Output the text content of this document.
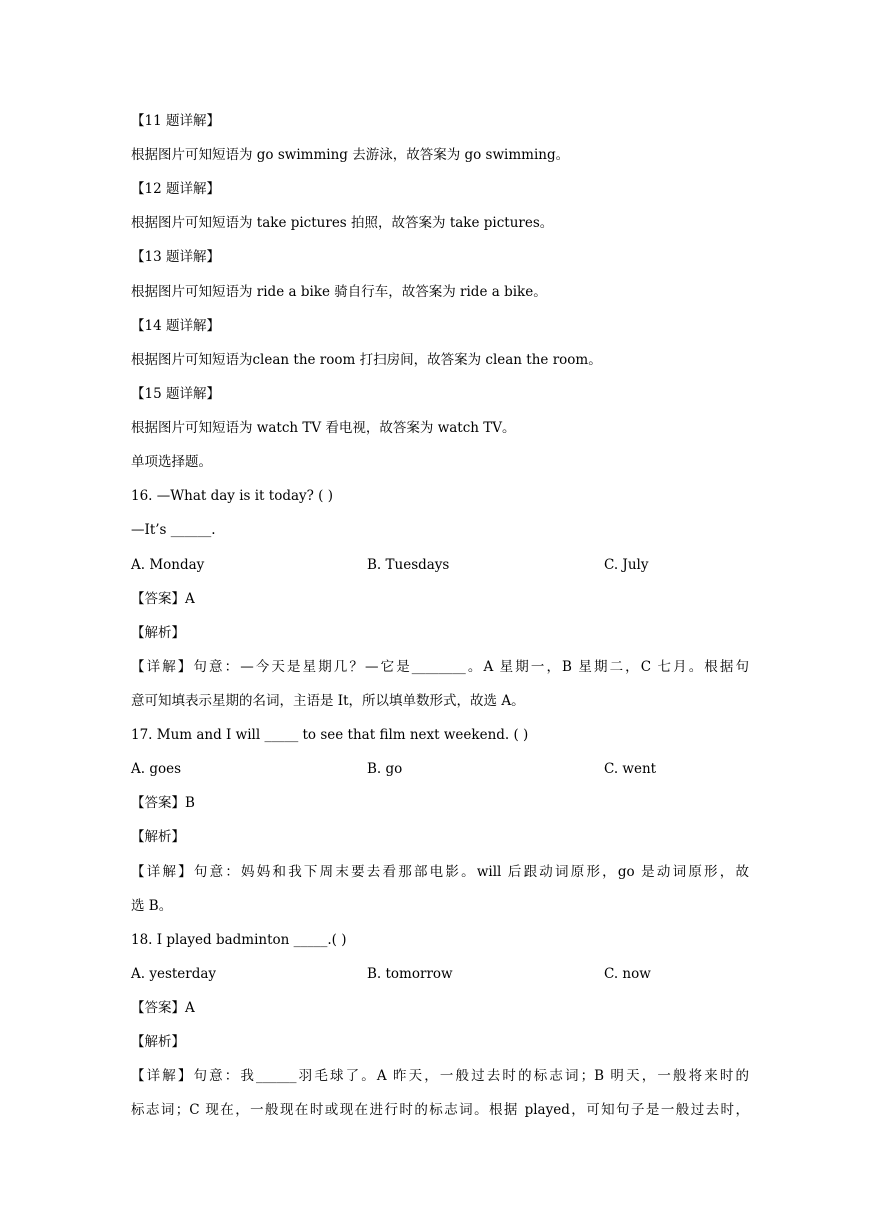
【11 题详解】
根据图片可知短语为 go swimming 去游泳，故答案为 go swimming。
【12 题详解】
根据图片可知短语为 take pictures 拍照，故答案为 take pictures。
【13 题详解】
根据图片可知短语为 ride a bike 骑自行车，故答案为 ride a bike。
【14 题详解】
根据图片可知短语为clean the room 打扫房间，故答案为 clean the room。
【15 题详解】
根据图片可知短语为 watch TV 看电视，故答案为 watch TV。
单项选择题。
16. —What day is it today? ( )
—It’s ______.
A. Monday	B. Tuesdays	C. July
【答案】A
【解析】
【详解】句意：—今天是星期几？—它是________。A 星期一，B 星期二，C 七月。根据句
意可知填表示星期的名词，主语是 It，所以填单数形式，故选 A。
17. Mum and I will _____ to see that film next weekend. ( )
A. goes	B. go	C. went
【答案】B
【解析】
【详解】句意：妈妈和我下周末要去看那部电影。will 后跟动词原形，go 是动词原形，故
选 B。
18. I played badminton _____.( )
A. yesterday	B. tomorrow	C. now
【答案】A
【解析】
【详解】句意：我______羽毛球了。A 昨天，一般过去时的标志词；B 明天，一般将来时的
标志词；C 现在，一般现在时或现在进行时的标志词。根据 played，可知句子是一般过去时，
